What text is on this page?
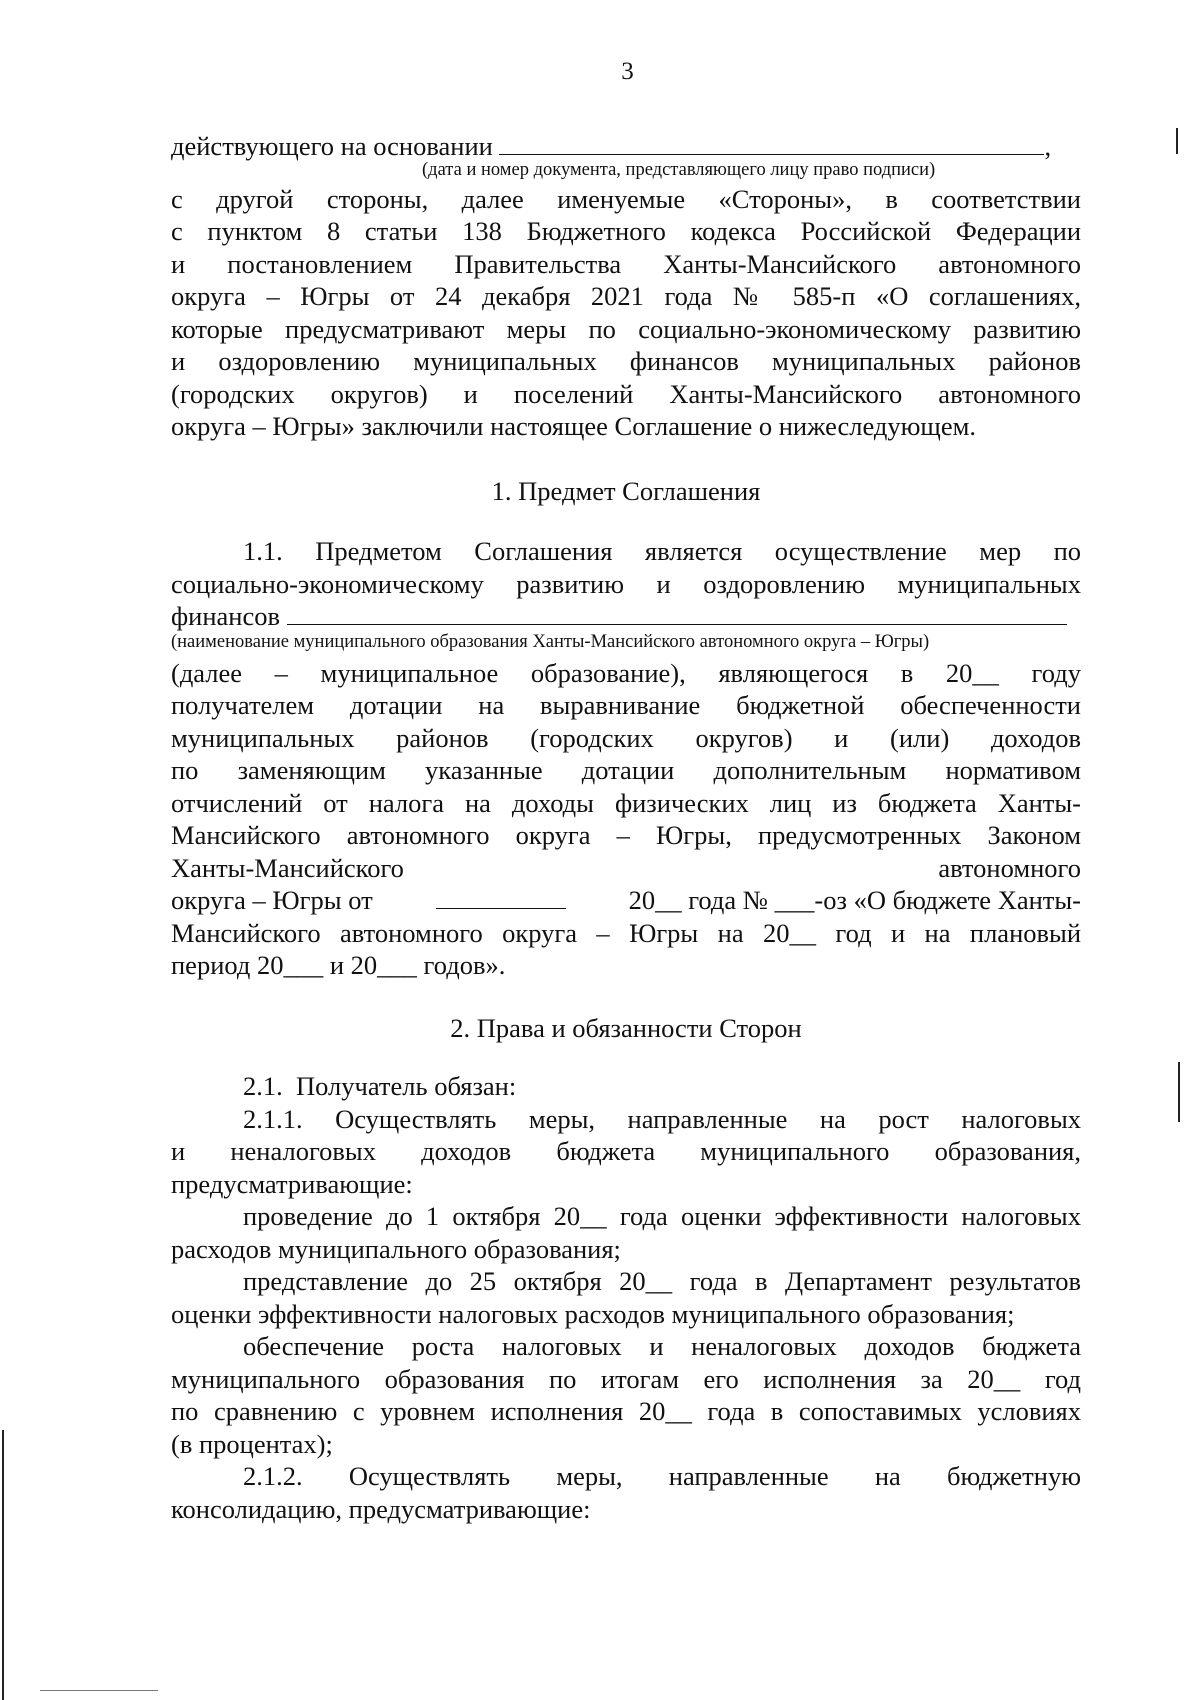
3
действующего на основании	,
(дата и номер документа, представляющего лицу право подписи)
с другой стороны, далее именуемые «Стороны», в соответствии
с пунктом 8 статьи 138 Бюджетного кодекса Российской Федерации
и постановлением Правительства Ханты-Мансийского автономного
округа – Югры от 24 декабря 2021 года № 585-п «О соглашениях,
которые предусматривают меры по социально-экономическому развитию
и оздоровлению муниципальных финансов муниципальных районов
(городских округов) и поселений Ханты-Мансийского автономного
округа – Югры» заключили настоящее Соглашение о нижеследующем.
1. Предмет Соглашения
1.1. Предметом Соглашения является осуществление мер по
социально-экономическому развитию и оздоровлению муниципальных
финансов
(наименование муниципального образования Ханты-Мансийского автономного округа – Югры)
(далее – муниципальное образование), являющегося в 20__ году
получателем дотации на выравнивание бюджетной обеспеченности
муниципальных районов (городских округов) и (или) доходов
по заменяющим указанные дотации дополнительным нормативом
отчислений от налога на доходы физических лиц из бюджета Ханты-
Мансийского автономного округа – Югры, предусмотренных Законом
Ханты-Мансийского	автономного
округа – Югры от	20__ года № ___-оз «О бюджете Ханты-
Мансийского автономного округа – Югры на 20__ год и на плановый
период 20___ и 20___ годов».
2. Права и обязанности Сторон
2.1.  Получатель обязан:
2.1.1. Осуществлять меры, направленные на рост налоговых
и неналоговых доходов бюджета муниципального образования,
предусматривающие:
проведение до 1 октября 20__ года оценки эффективности налоговых
расходов муниципального образования;
представление до 25 октября 20__ года в Департамент результатов
оценки эффективности налоговых расходов муниципального образования;
обеспечение роста налоговых и неналоговых доходов бюджета
муниципального образования по итогам его исполнения за 20__ год
по сравнению с уровнем исполнения 20__ года в сопоставимых условиях
(в процентах);
2.1.2. Осуществлять меры, направленные на бюджетную
консолидацию, предусматривающие:
